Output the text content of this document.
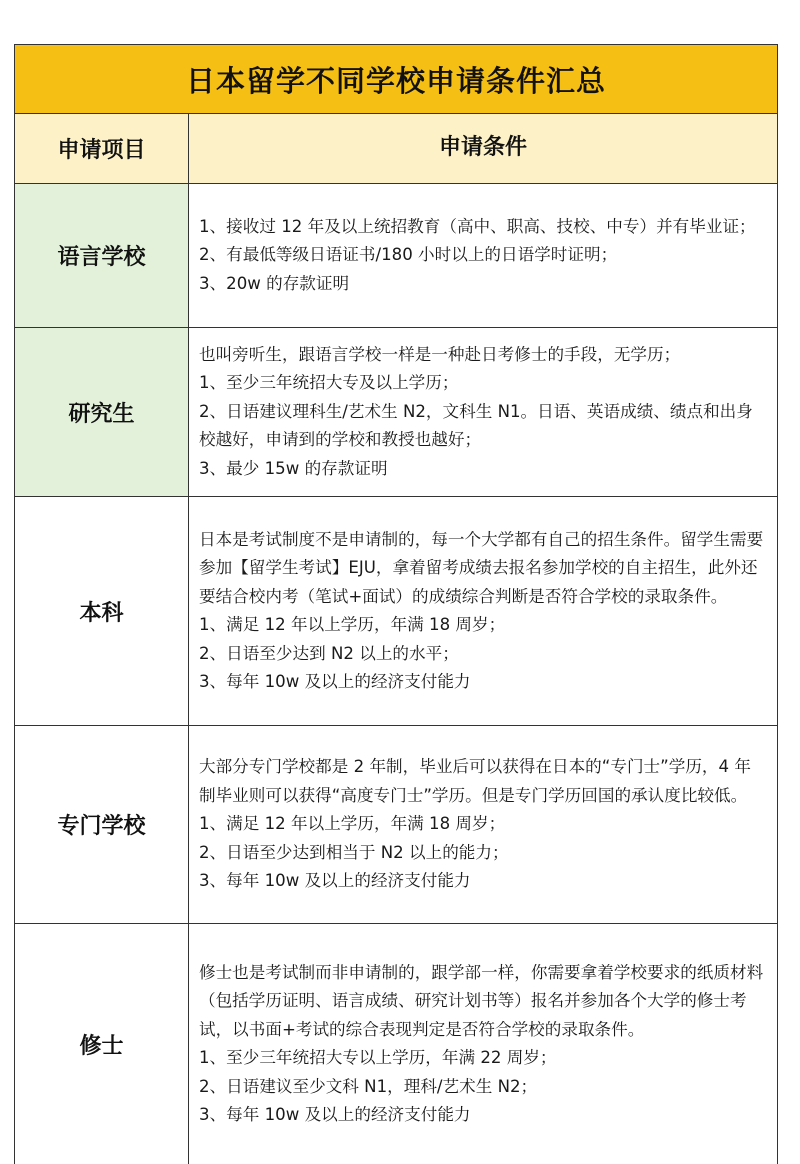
日本留学不同学校申请条件汇总
申请项目	申请条件
语言学校
1、接收过 12 年及以上统招教育（高中、职高、技校、中专）并有毕业证；
2、有最低等级日语证书/180 小时以上的日语学时证明；
3、20w 的存款证明
研究生
也叫旁听生，跟语言学校一样是一种赴日考修士的手段，无学历；
1、至少三年统招大专及以上学历；
2、日语建议理科生/艺术生 N2，文科生 N1。日语、英语成绩、绩点和出身校越好，申请到的学校和教授也越好；
3、最少 15w 的存款证明
本科
日本是考试制度不是申请制的，每一个大学都有自己的招生条件。留学生需要参加【留学生考试】EJU，拿着留考成绩去报名参加学校的自主招生，此外还要结合校内考（笔试+面试）的成绩综合判断是否符合学校的录取条件。
1、满足 12 年以上学历，年满 18 周岁；
2、日语至少达到 N2 以上的水平；
3、每年 10w 及以上的经济支付能力
专门学校
大部分专门学校都是 2 年制，毕业后可以获得在日本的“专门士”学历，4 年制毕业则可以获得“高度专门士”学历。但是专门学历回国的承认度比较低。
1、满足 12 年以上学历，年满 18 周岁；
2、日语至少达到相当于 N2 以上的能力；
3、每年 10w 及以上的经济支付能力
修士
修士也是考试制而非申请制的，跟学部一样，你需要拿着学校要求的纸质材料（包括学历证明、语言成绩、研究计划书等）报名并参加各个大学的修士考试，以书面+考试的综合表现判定是否符合学校的录取条件。
1、至少三年统招大专以上学历，年满 22 周岁；
2、日语建议至少文科 N1，理科/艺术生 N2；
3、每年 10w 及以上的经济支付能力
